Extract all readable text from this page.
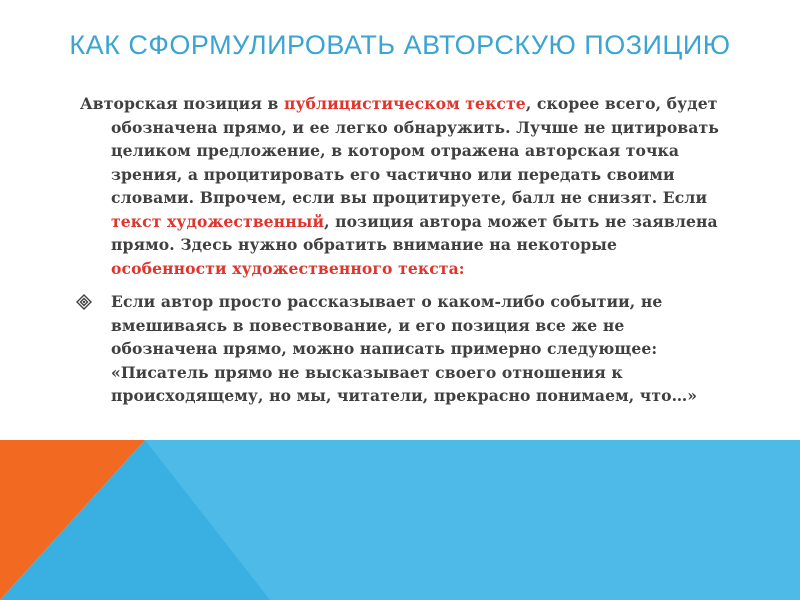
КАК СФОРМУЛИРОВАТЬ АВТОРСКУЮ ПОЗИЦИЮ

Авторская позиция в публицистическом тексте, скорее всего, будет обозначена прямо, и ее легко обнаружить. Лучше не цитировать целиком предложение, в котором отражена авторская точка зрения, а процитировать его частично или передать своими словами. Впрочем, если вы процитируете, балл не снизят. Если текст художественный, позиция автора может быть не заявлена прямо. Здесь нужно обратить внимание на некоторые особенности художественного текста:

Если автор просто рассказывает о каком-либо событии, не вмешиваясь в повествование, и его позиция все же не обозначена прямо, можно написать примерно следующее: «Писатель прямо не высказывает своего отношения к происходящему, но мы, читатели, прекрасно понимаем, что…»
